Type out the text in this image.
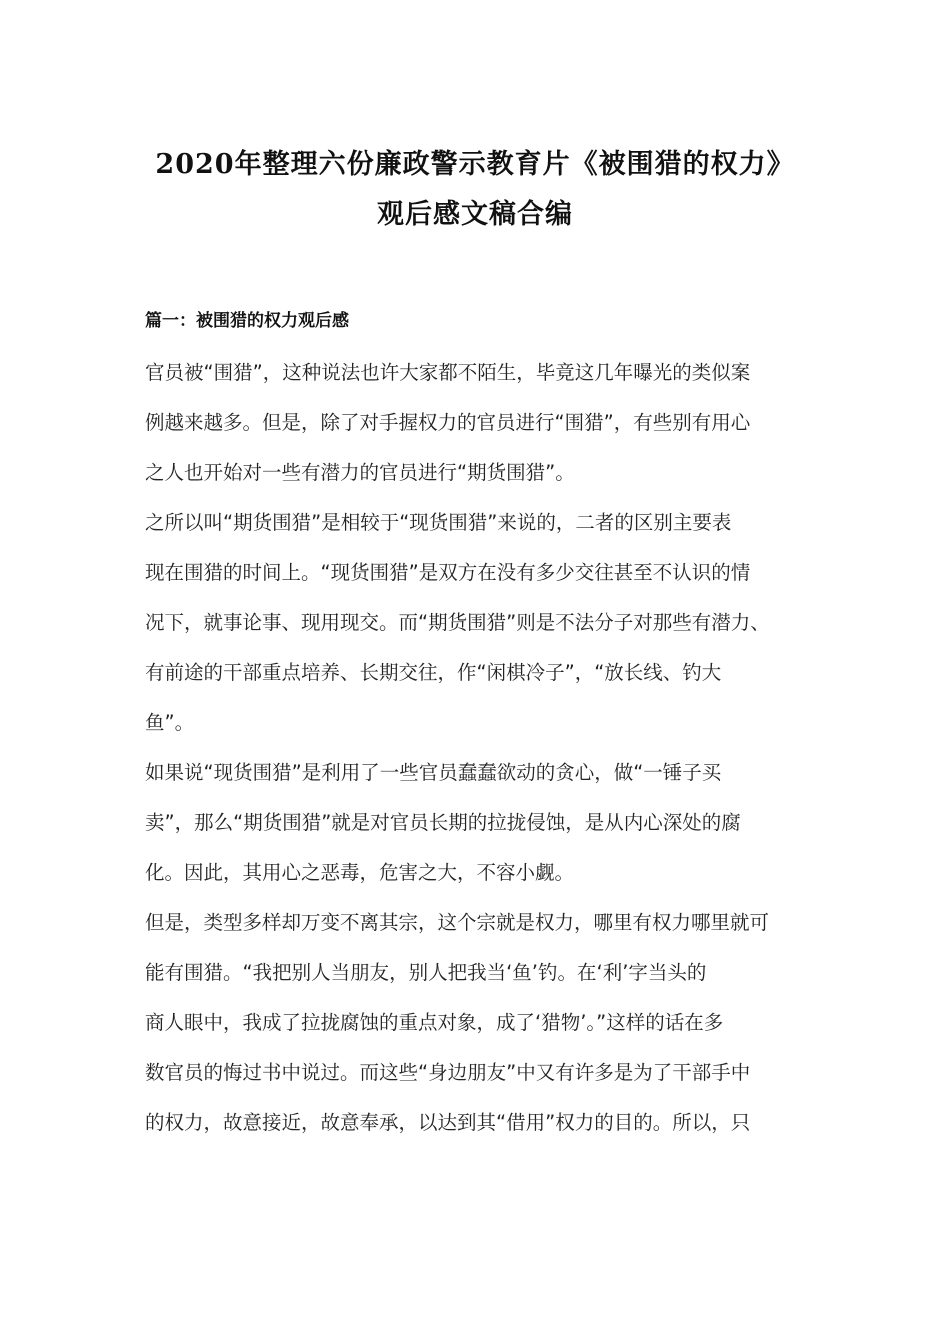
2020年整理六份廉政警示教育片《被围猎的权力》
观后感文稿合编
篇一：被围猎的权力观后感
官员被“围猎”，这种说法也许大家都不陌生，毕竟这几年曝光的类似案
例越来越多。但是，除了对手握权力的官员进行“围猎”，有些别有用心
之人也开始对一些有潜力的官员进行“期货围猎”。
之所以叫“期货围猎”是相较于“现货围猎”来说的，二者的区别主要表
现在围猎的时间上。“现货围猎”是双方在没有多少交往甚至不认识的情
况下，就事论事、现用现交。而“期货围猎”则是不法分子对那些有潜力、
有前途的干部重点培养、长期交往，作“闲棋冷子”，“放长线、钓大
鱼”。
如果说“现货围猎”是利用了一些官员蠢蠢欲动的贪心，做“一锤子买
卖”，那么“期货围猎”就是对官员长期的拉拢侵蚀，是从内心深处的腐
化。因此，其用心之恶毒，危害之大，不容小觑。
但是，类型多样却万变不离其宗，这个宗就是权力，哪里有权力哪里就可
能有围猎。“我把别人当朋友，别人把我当‘鱼’钓。在‘利’字当头的
商人眼中，我成了拉拢腐蚀的重点对象，成了‘猎物’。”这样的话在多
数官员的悔过书中说过。而这些“身边朋友”中又有许多是为了干部手中
的权力，故意接近，故意奉承，以达到其“借用”权力的目的。所以，只
